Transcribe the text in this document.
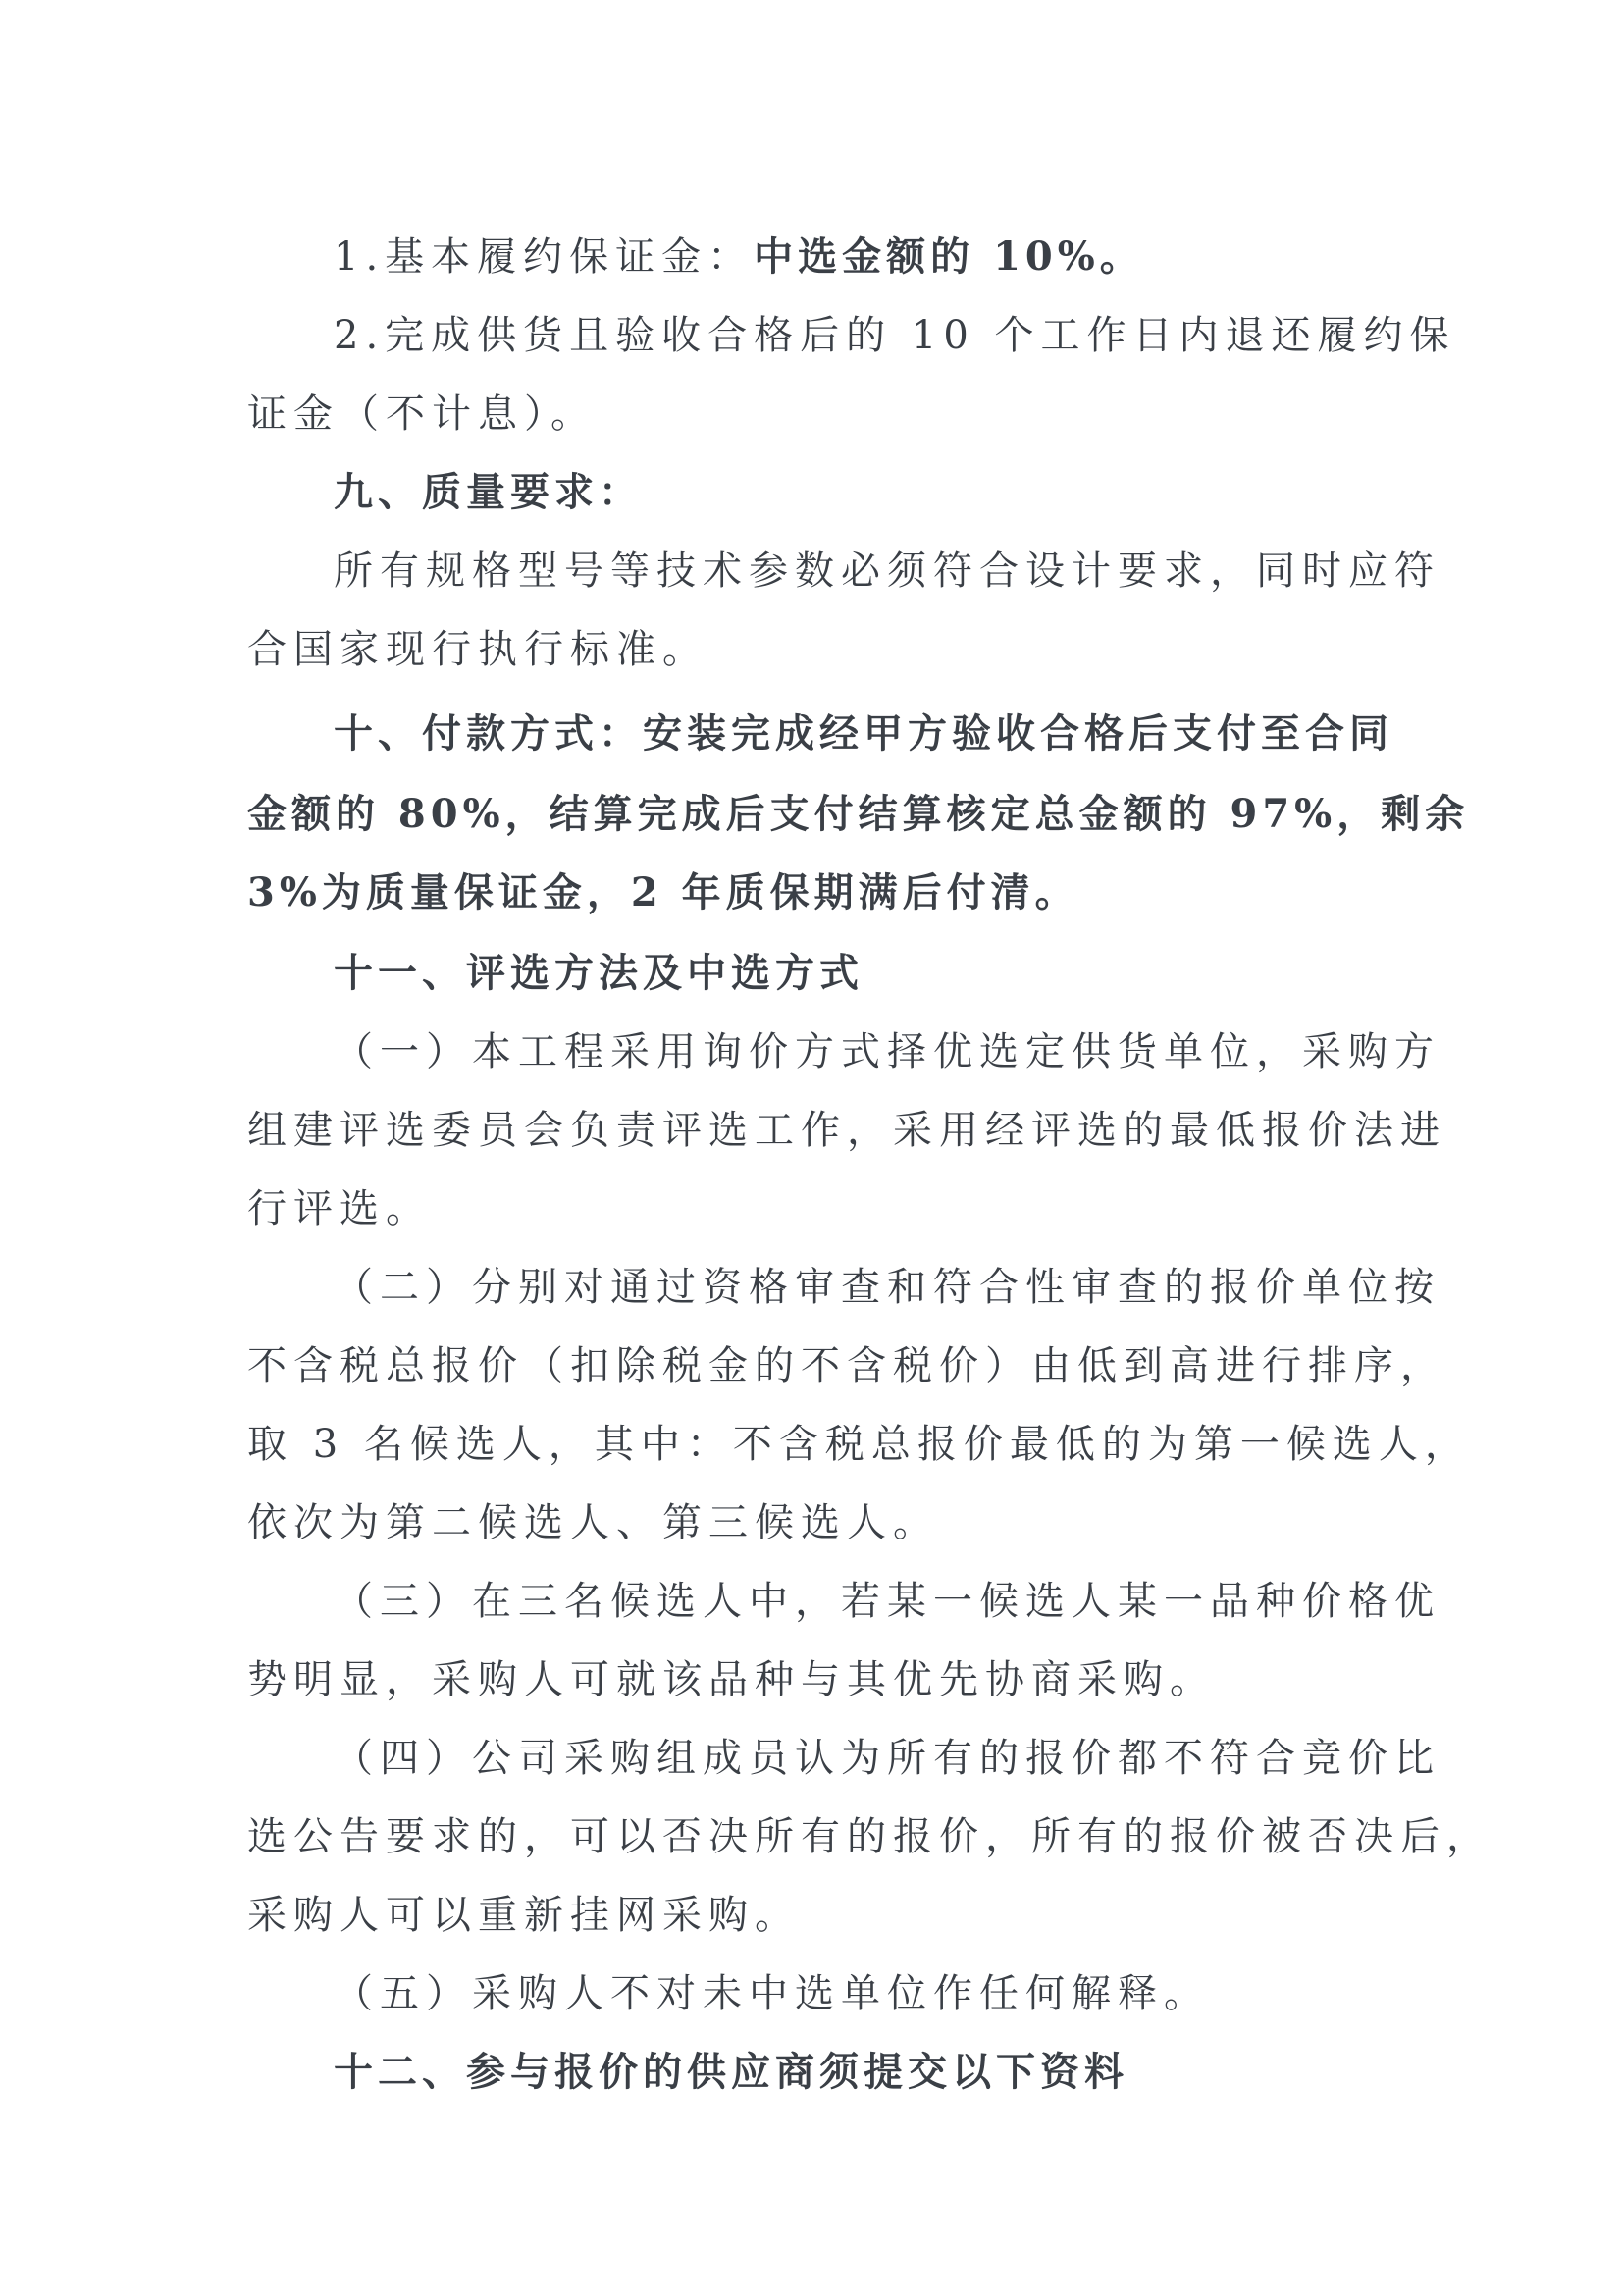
1.基本履约保证金：中选金额的 10%。
2.完成供货且验收合格后的 10 个工作日内退还履约保
证金（不计息）。
九、质量要求：
所有规格型号等技术参数必须符合设计要求，同时应符
合国家现行执行标准。
十、付款方式：安装完成经甲方验收合格后支付至合同
金额的 80%，结算完成后支付结算核定总金额的 97%，剩余
3%为质量保证金，2 年质保期满后付清。
十一、评选方法及中选方式
（一）本工程采用询价方式择优选定供货单位，采购方
组建评选委员会负责评选工作，采用经评选的最低报价法进
行评选。
（二）分别对通过资格审查和符合性审查的报价单位按
不含税总报价（扣除税金的不含税价）由低到高进行排序，
取 3 名候选人，其中：不含税总报价最低的为第一候选人，
依次为第二候选人、第三候选人。
（三）在三名候选人中，若某一候选人某一品种价格优
势明显，采购人可就该品种与其优先协商采购。
（四）公司采购组成员认为所有的报价都不符合竞价比
选公告要求的，可以否决所有的报价，所有的报价被否决后，
采购人可以重新挂网采购。
（五）采购人不对未中选单位作任何解释。
十二、参与报价的供应商须提交以下资料
